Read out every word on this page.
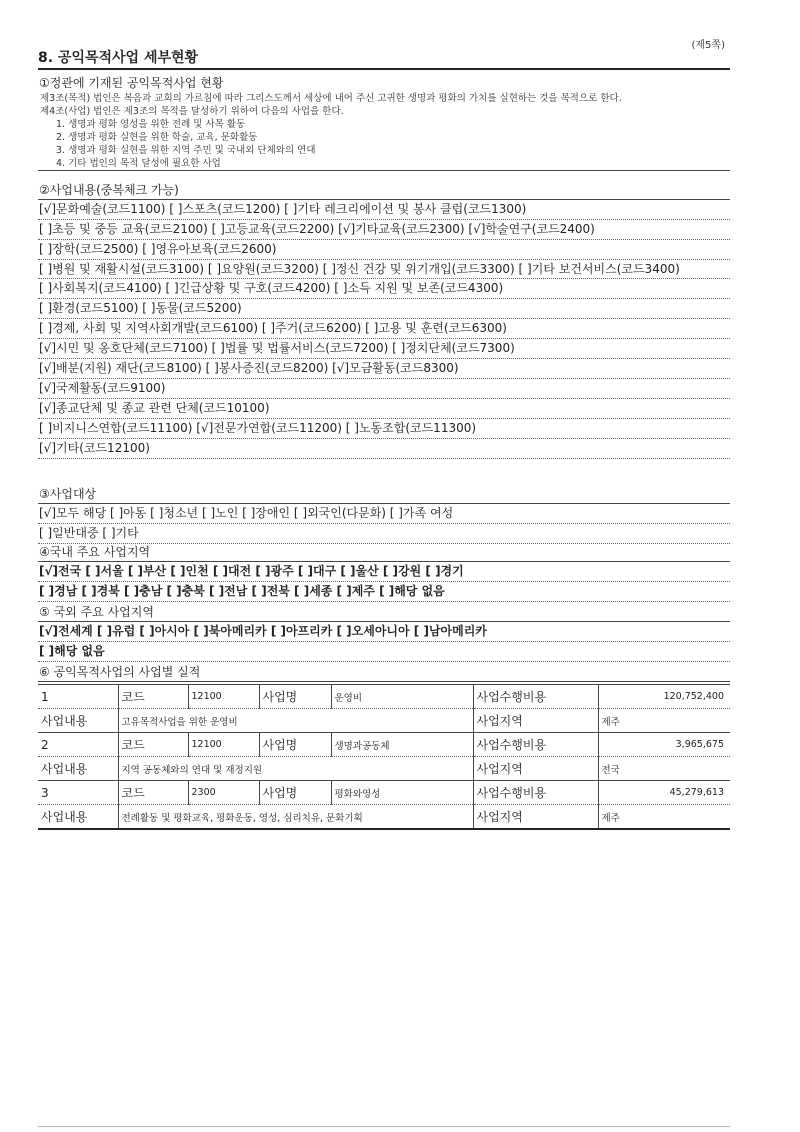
(제5쪽)
8. 공익목적사업 세부현황
①정관에 기재된 공익목적사업 현황
제3조(목적) 법인은 복음과 교회의 가르침에 따라 그리스도께서 세상에 내어 주신 고귀한 생명과 평화의 가치를 실현하는 것을 목적으로 한다.
제4조(사업) 법인은 제3조의 목적을 달성하기 위하여 다음의 사업을 한다.
1. 생명과 평화 영성을 위한 전례 및 사목 활동
2. 생명과 평화 실현을 위한 학술, 교육, 문화활동
3. 생명과 평화 실현을 위한 지역 주민 및 국내외 단체와의 연대
4. 기타 법인의 목적 달성에 필요한 사업
②사업내용(중복체크 가능)
[√]문화예술(코드1100) [ ]스포츠(코드1200) [ ]기타 레크리에이션 및 봉사 클럽(코드1300)
[ ]초등 및 중등 교육(코드2100) [ ]고등교육(코드2200) [√]기타교육(코드2300) [√]학술연구(코드2400)
[ ]장학(코드2500) [ ]영유아보육(코드2600)
[ ]병원 및 재활시설(코드3100) [ ]요양원(코드3200) [ ]정신 건강 및 위기개입(코드3300) [ ]기타 보건서비스(코드3400)
[ ]사회복지(코드4100) [ ]긴급상황 및 구호(코드4200) [ ]소득 지원 및 보존(코드4300)
[ ]환경(코드5100) [ ]동물(코드5200)
[ ]경제, 사회 및 지역사회개발(코드6100) [ ]주거(코드6200) [ ]고용 및 훈련(코드6300)
[√]시민 및 옹호단체(코드7100) [ ]법률 및 법률서비스(코드7200) [ ]정치단체(코드7300)
[√]배분(지원) 재단(코드8100) [ ]봉사증진(코드8200) [√]모금활동(코드8300)
[√]국제활동(코드9100)
[√]종교단체 및 종교 관련 단체(코드10100)
[ ]비지니스연합(코드11100) [√]전문가연합(코드11200) [ ]노동조합(코드11300)
[√]기타(코드12100)
③사업대상
[√]모두 해당 [ ]아동 [ ]청소년 [ ]노인 [ ]장애인 [ ]외국인(다문화) [ ]가족 여성
[ ]일반대중 [ ]기타
④국내 주요 사업지역
[√]전국 [ ]서울 [ ]부산 [ ]인천 [ ]대전 [ ]광주 [ ]대구 [ ]울산 [ ]강원 [ ]경기
[ ]경남 [ ]경북 [ ]충남 [ ]충북 [ ]전남 [ ]전북 [ ]세종 [ ]제주 [ ]해당 없음
⑤ 국외 주요 사업지역
[√]전세계 [ ]유럽 [ ]아시아 [ ]북아메리카 [ ]아프리카 [ ]오세아니아 [ ]남아메리카
[ ]해당 없음
⑥ 공익목적사업의 사업별 실적
1	코드	12100	사업명	운영비	사업수행비용	120,752,400
사업내용	고유목적사업을 위한 운영비				사업지역	제주
2	코드	12100	사업명	생명과공동체	사업수행비용	3,965,675
사업내용	지역 공동체와의 연대 및 재정지원				사업지역	전국
3	코드	2300	사업명	평화와영성	사업수행비용	45,279,613
사업내용	전례활동 및 평화교육, 평화운동, 영성, 심리치유, 문화기획				사업지역	제주
